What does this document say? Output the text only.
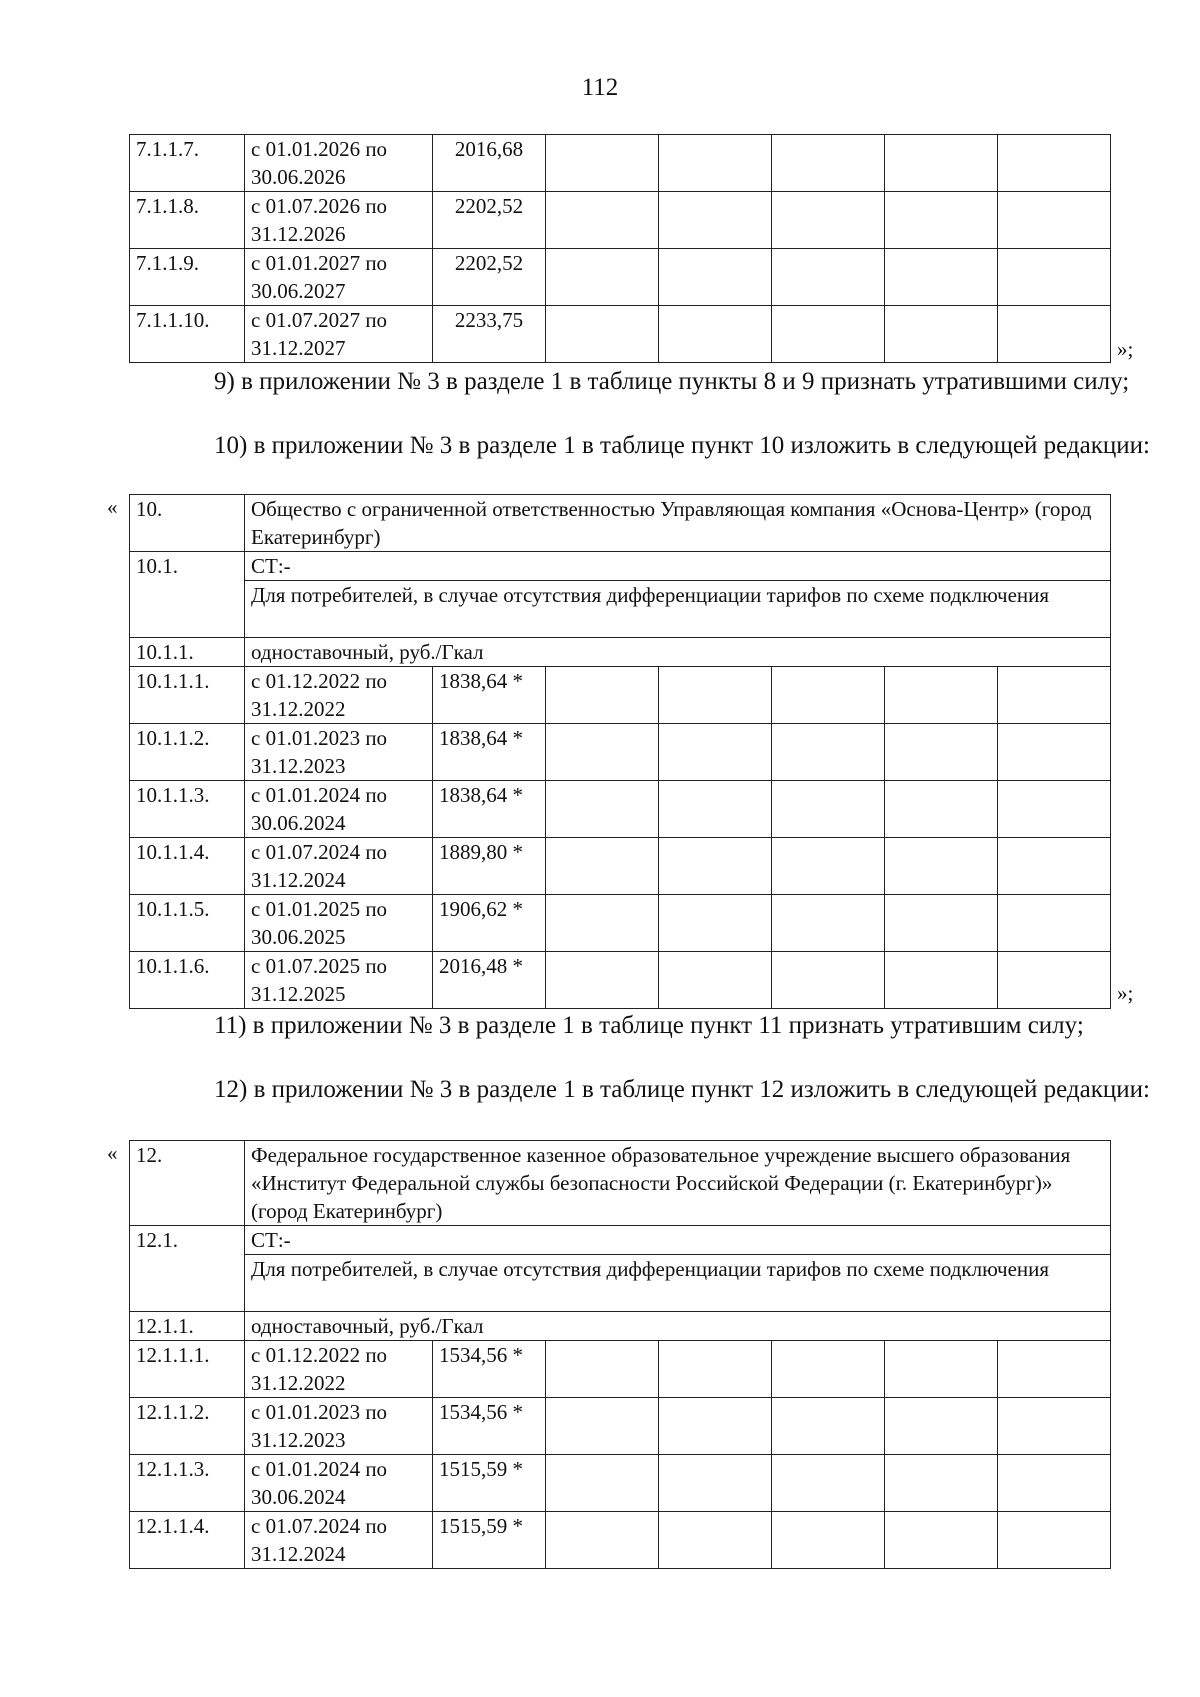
112
7.1.1.7.	с 01.01.2026 по 30.06.2026	2016,68					
7.1.1.8.	с 01.07.2026 по 31.12.2026	2202,52					
7.1.1.9.	с 01.01.2027 по 30.06.2027	2202,52					
7.1.1.10.	с 01.07.2027 по 31.12.2027	2233,75					
»;
9) в приложении № 3 в разделе 1 в таблице пункты 8 и 9 признать утратившими силу;
10) в приложении № 3 в разделе 1 в таблице пункт 10 изложить в следующей редакции:
« 10.	Общество с ограниченной ответственностью Управляющая компания «Основа-Центр» (город Екатеринбург)						
10.1.	СТ:-						
	Для потребителей, в случае отсутствия дифференциации тарифов по схеме подключения						
10.1.1.	одноставочный, руб./Гкал						
10.1.1.1.	с 01.12.2022 по 31.12.2022	1838,64 *					
10.1.1.2.	с 01.01.2023 по 31.12.2023	1838,64 *					
10.1.1.3.	с 01.01.2024 по 30.06.2024	1838,64 *					
10.1.1.4.	с 01.07.2024 по 31.12.2024	1889,80 *					
10.1.1.5.	с 01.01.2025 по 30.06.2025	1906,62 *					
10.1.1.6.	с 01.07.2025 по 31.12.2025	2016,48 *					
»;
11) в приложении № 3 в разделе 1 в таблице пункт 11 признать утратившим силу;
12) в приложении № 3 в разделе 1 в таблице пункт 12 изложить в следующей редакции:
« 12.	Федеральное государственное казенное образовательное учреждение высшего образования «Институт Федеральной службы безопасности Российской Федерации (г. Екатеринбург)» (город Екатеринбург)						
12.1.	СТ:-						
	Для потребителей, в случае отсутствия дифференциации тарифов по схеме подключения						
12.1.1.	одноставочный, руб./Гкал						
12.1.1.1.	с 01.12.2022 по 31.12.2022	1534,56 *					
12.1.1.2.	с 01.01.2023 по 31.12.2023	1534,56 *					
12.1.1.3.	с 01.01.2024 по 30.06.2024	1515,59 *					
12.1.1.4.	с 01.07.2024 по 31.12.2024	1515,59 *					
